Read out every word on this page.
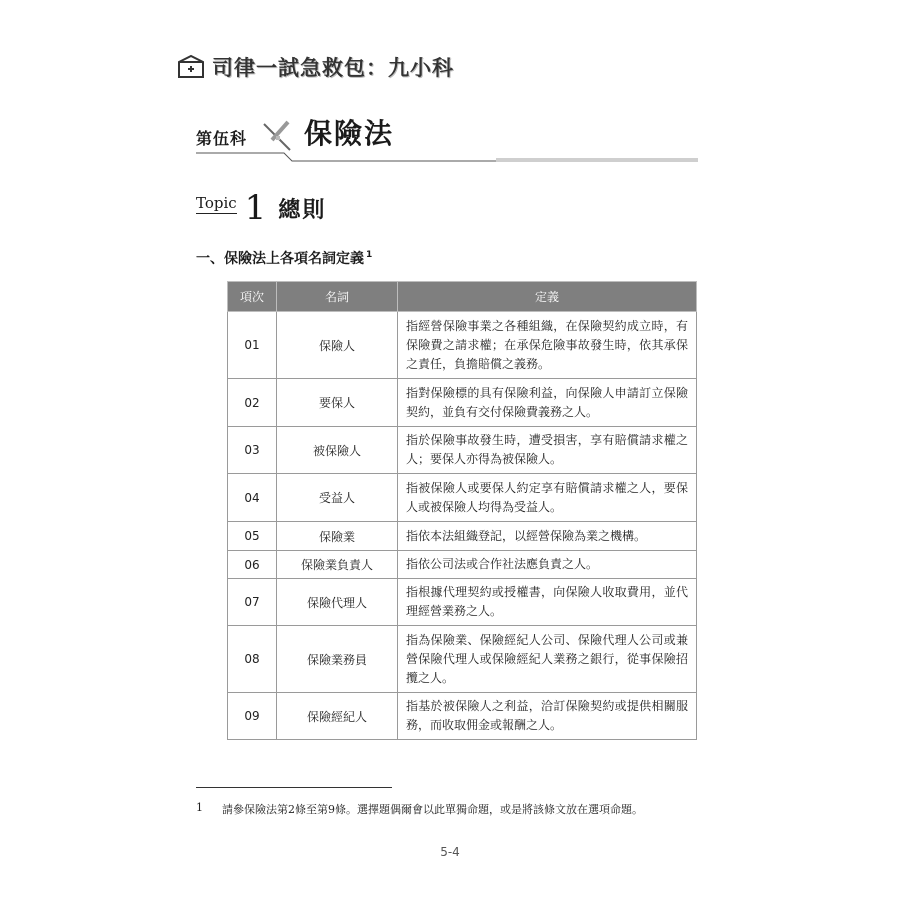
司律一試急救包：九小科
第伍科 保險法
Topic 1 總則
一、保險法上各項名詞定義 $^1$
項次	名詞	定義
01	保險人	指經營保險事業之各種組織，在保險契約成立時，有保險費之請求權；在承保危險事故發生時，依其承保之責任，負擔賠償之義務。
02	要保人	指對保險標的具有保險利益，向保險人申請訂立保險契約，並負有交付保險費義務之人。
03	被保險人	指於保險事故發生時，遭受損害，享有賠償請求權之人；要保人亦得為被保險人。
04	受益人	指被保險人或要保人約定享有賠償請求權之人，要保人或被保險人均得為受益人。
05	保險業	指依本法組織登記，以經營保險為業之機構。
06	保險業負責人	指依公司法或合作社法應負責之人。
07	保險代理人	指根據代理契約或授權書，向保險人收取費用，並代理經營業務之人。
08	保險業務員	指為保險業、保險經紀人公司、保險代理人公司或兼營保險代理人或保險經紀人業務之銀行，從事保險招攬之人。
09	保險經紀人	指基於被保險人之利益，洽訂保險契約或提供相關服務，而收取佣金或報酬之人。
1	請參保險法第2條至第9條。選擇題偶爾會以此單獨命題，或是將該條文放在選項命題。
5-4
